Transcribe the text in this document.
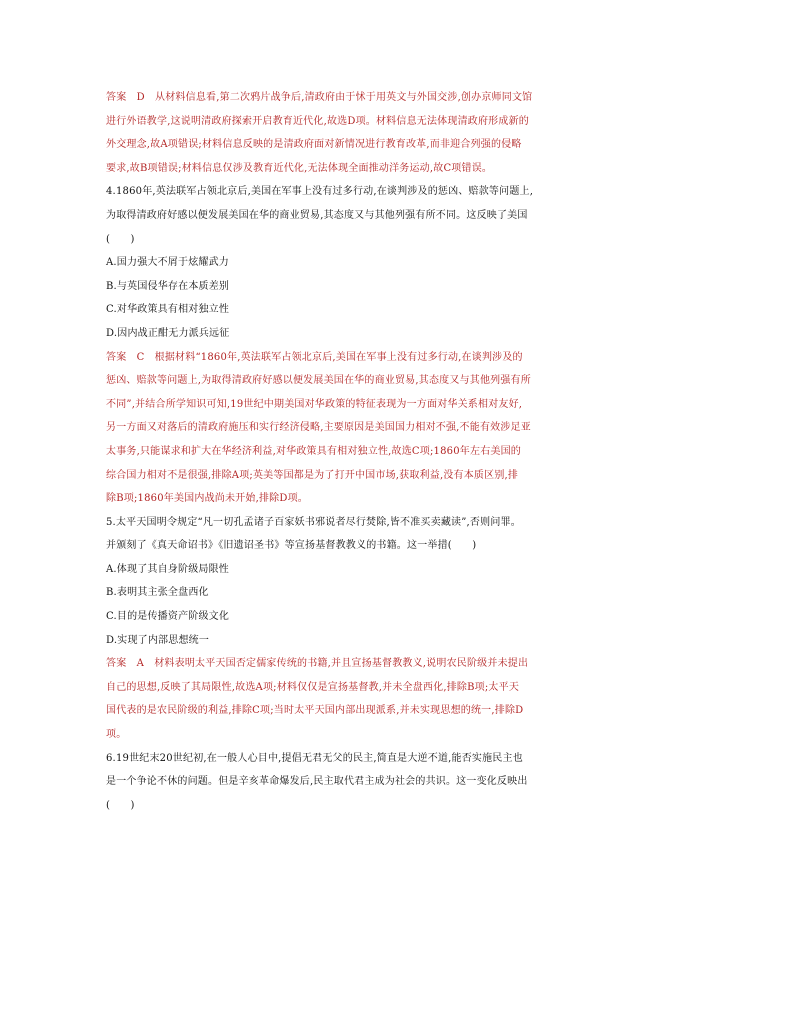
答案 D 从材料信息看,第二次鸦片战争后,清政府由于怵于用英文与外国交涉,创办京师同文馆
进行外语教学,这说明清政府探索开启教育近代化,故选D项。材料信息无法体现清政府形成新的
外交理念,故A项错误;材料信息反映的是清政府面对新情况进行教育改革,而非迎合列强的侵略
要求,故B项错误;材料信息仅涉及教育近代化,无法体现全面推动洋务运动,故C项错误。
4.1860年,英法联军占领北京后,美国在军事上没有过多行动,在谈判涉及的惩凶、赔款等问题上,
为取得清政府好感以便发展美国在华的商业贸易,其态度又与其他列强有所不同。这反映了美国
(  )
A.国力强大不屑于炫耀武力
B.与英国侵华存在本质差别
C.对华政策具有相对独立性
D.因内战正酣无力派兵远征
答案 C 根据材料“1860年,英法联军占领北京后,美国在军事上没有过多行动,在谈判涉及的
惩凶、赔款等问题上,为取得清政府好感以便发展美国在华的商业贸易,其态度又与其他列强有所
不同”,并结合所学知识可知,19世纪中期美国对华政策的特征表现为一方面对华关系相对友好,
另一方面又对落后的清政府施压和实行经济侵略,主要原因是美国国力相对不强,不能有效涉足亚
太事务,只能谋求和扩大在华经济利益,对华政策具有相对独立性,故选C项;1860年左右美国的
综合国力相对不是很强,排除A项;英美等国都是为了打开中国市场,获取利益,没有本质区别,排
除B项;1860年美国内战尚未开始,排除D项。
5.太平天国明令规定“凡一切孔孟诸子百家妖书邪说者尽行焚除,皆不准买卖藏读”,否则问罪。
并颁刻了《真天命诏书》《旧遗诏圣书》等宣扬基督教教义的书籍。这一举措(  )
A.体现了其自身阶级局限性
B.表明其主张全盘西化
C.目的是传播资产阶级文化
D.实现了内部思想统一
答案 A 材料表明太平天国否定儒家传统的书籍,并且宣扬基督教教义,说明农民阶级并未提出
自己的思想,反映了其局限性,故选A项;材料仅仅是宣扬基督教,并未全盘西化,排除B项;太平天
国代表的是农民阶级的利益,排除C项;当时太平天国内部出现派系,并未实现思想的统一,排除D
项。
6.19世纪末20世纪初,在一般人心目中,提倡无君无父的民主,简直是大逆不道,能否实施民主也
是一个争论不休的问题。但是辛亥革命爆发后,民主取代君主成为社会的共识。这一变化反映出
(  )
